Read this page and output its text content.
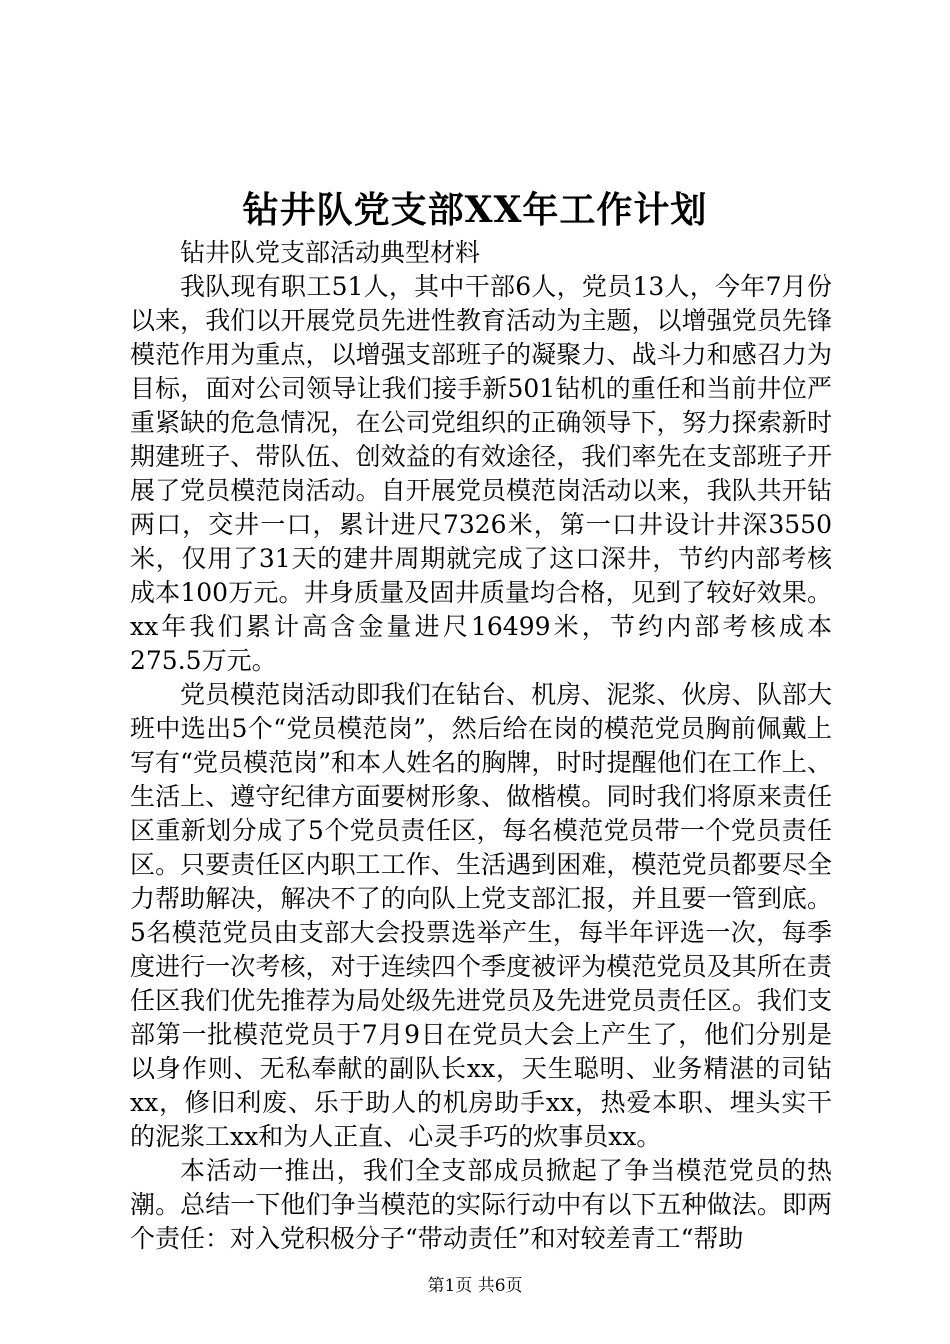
钻井队党支部XX年工作计划
钻井队党支部活动典型材料

我队现有职工51人，其中干部6人，党员13人，今年7月份以来，我们以开展党员先进性教育活动为主题，以增强党员先锋模范作用为重点，以增强支部班子的凝聚力、战斗力和感召力为目标，面对公司领导让我们接手新501钻机的重任和当前井位严重紧缺的危急情况，在公司党组织的正确领导下，努力探索新时期建班子、带队伍、创效益的有效途径，我们率先在支部班子开展了党员模范岗活动。自开展党员模范岗活动以来，我队共开钻两口，交井一口，累计进尺7326米，第一口井设计井深3550米，仅用了31天的建井周期就完成了这口深井，节约内部考核成本100万元。井身质量及固井质量均合格，见到了较好效果。xx年我们累计高含金量进尺16499米，节约内部考核成本275.5万元。

党员模范岗活动即我们在钻台、机房、泥浆、伙房、队部大班中选出5个“党员模范岗”，然后给在岗的模范党员胸前佩戴上写有“党员模范岗”和本人姓名的胸牌，时时提醒他们在工作上、生活上、遵守纪律方面要树形象、做楷模。同时我们将原来责任区重新划分成了5个党员责任区，每名模范党员带一个党员责任区。只要责任区内职工工作、生活遇到困难，模范党员都要尽全力帮助解决，解决不了的向队上党支部汇报，并且要一管到底。5名模范党员由支部大会投票选举产生，每半年评选一次，每季度进行一次考核，对于连续四个季度被评为模范党员及其所在责任区我们优先推荐为局处级先进党员及先进党员责任区。我们支部第一批模范党员于7月9日在党员大会上产生了，他们分别是以身作则、无私奉献的副队长xx，天生聪明、业务精湛的司钻xx，修旧利废、乐于助人的机房助手xx，热爱本职、埋头实干的泥浆工xx和为人正直、心灵手巧的炊事员xx。

本活动一推出，我们全支部成员掀起了争当模范党员的热潮。总结一下他们争当模范的实际行动中有以下五种做法。即两个责任：对入党积极分子“带动责任”和对较差青工“帮助

第1页 共6页
